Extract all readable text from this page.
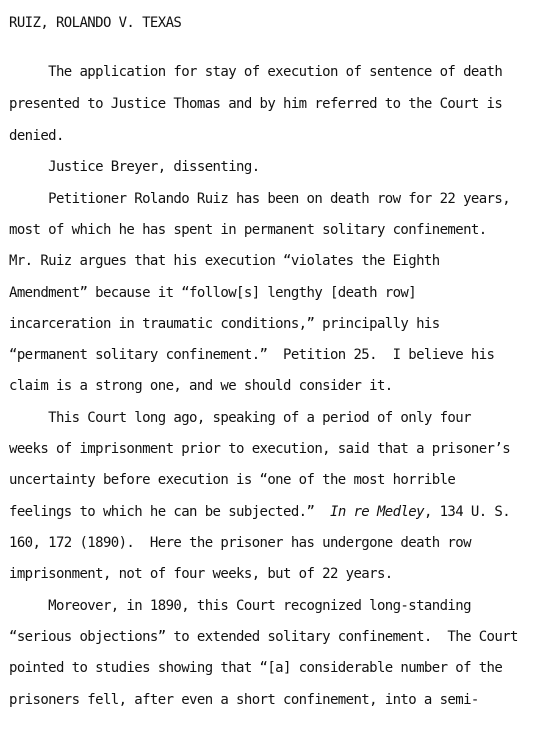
RUIZ, ROLANDO V. TEXAS
The application for stay of execution of sentence of death
presented to Justice Thomas and by him referred to the Court is
denied.
Justice Breyer, dissenting.
Petitioner Rolando Ruiz has been on death row for 22 years,
most of which he has spent in permanent solitary confinement.
Mr. Ruiz argues that his execution “violates the Eighth
Amendment” because it “follow[s] lengthy [death row]
incarceration in traumatic conditions,” principally his
“permanent solitary confinement.”  Petition 25.  I believe his
claim is a strong one, and we should consider it.
This Court long ago, speaking of a period of only four
weeks of imprisonment prior to execution, said that a prisoner’s
uncertainty before execution is “one of the most horrible
feelings to which he can be subjected.”  In re Medley, 134 U. S.
160, 172 (1890).  Here the prisoner has undergone death row
imprisonment, not of four weeks, but of 22 years.
Moreover, in 1890, this Court recognized long-standing
“serious objections” to extended solitary confinement.  The Court
pointed to studies showing that “[a] considerable number of the
prisoners fell, after even a short confinement, into a semi-
